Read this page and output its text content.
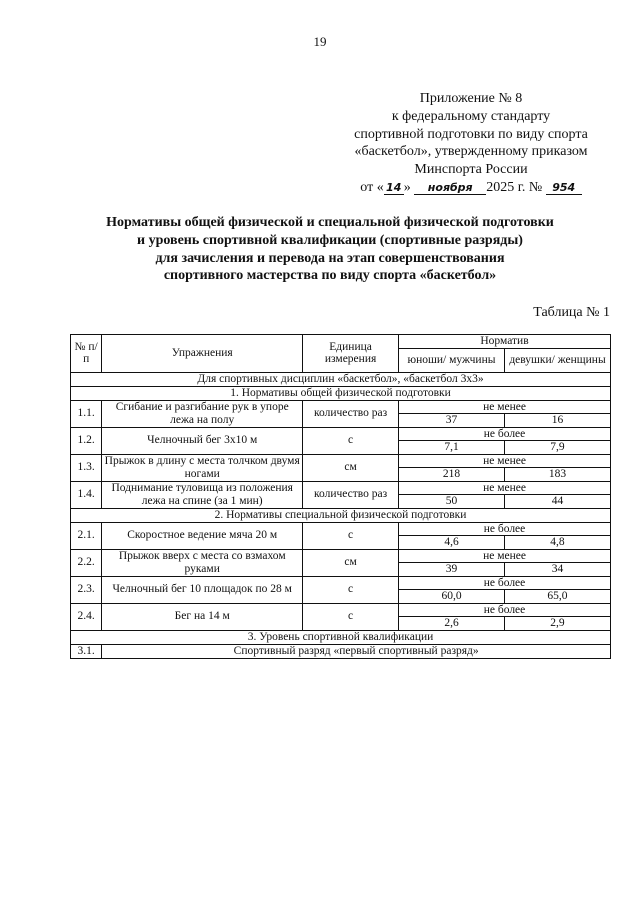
19
Приложение № 8
к федеральному стандарту
спортивной подготовки по виду спорта
«баскетбол», утвержденному приказом
Минспорта России
от « 14 » ноября 2025 г. № 954
Нормативы общей физической и специальной физической подготовки
и уровень спортивной квалификации (спортивные разряды)
для зачисления и перевода на этап совершенствования
спортивного мастерства по виду спорта «баскетбол»
Таблица № 1
№ п/п	Упражнения	Единица измерения	Норматив	
			юноши/ мужчины	девушки/ женщины
Для спортивных дисциплин «баскетбол», «баскетбол 3x3»				
1. Нормативы общей физической подготовки				
1.1.	Сгибание и разгибание рук в упоре лежа на полу	количество раз	не менее	
			37	16
1.2.	Челночный бег 3x10 м	с	не более	
			7,1	7,9
1.3.	Прыжок в длину с места толчком двумя ногами	см	не менее	
			218	183
1.4.	Поднимание туловища из положения лежа на спине (за 1 мин)	количество раз	не менее	
			50	44
2. Нормативы специальной физической подготовки				
2.1.	Скоростное ведение мяча 20 м	с	не более	
			4,6	4,8
2.2.	Прыжок вверх с места со взмахом руками	см	не менее	
			39	34
2.3.	Челночный бег 10 площадок по 28 м	с	не более	
			60,0	65,0
2.4.	Бег на 14 м	с	не более	
			2,6	2,9
3. Уровень спортивной квалификации				
3.1.	Спортивный разряд «первый спортивный разряд»			
